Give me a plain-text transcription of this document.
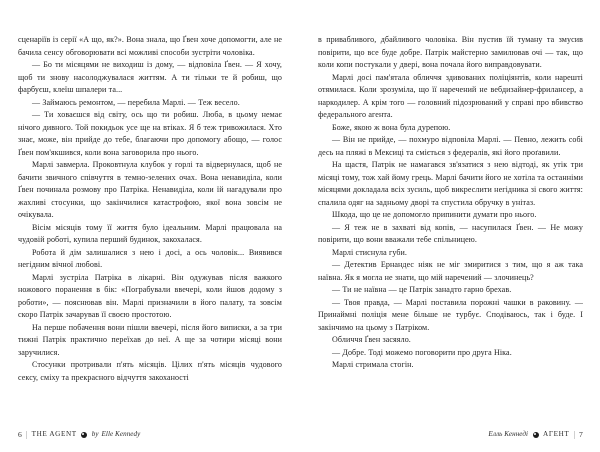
сценаріїв із серії «А що, як?». Вона знала, що Ґвен хоче допомогти, але не бачила сенсу обговорювати всі можливі способи зустріти чоловіка.

— Бо ти місяцями не виходиш із дому, — відповіла Ґвен. — Я хочу, щоб ти знову насолоджувалася життям. А ти тільки те й робиш, що фарбуєш, клеїш шпалери та...

— Займаюсь ремонтом, — перебила Марлі. — Теж весело.

— Ти ховаєшся від світу, ось що ти робиш. Люба, в цьому немає нічого дивного. Той покидьок усе ще на втіках. Я б теж тривожилася. Хто знає, може, він прийде до тебе, благаючи про допомогу абощо, — голос Ґвен пом'якшився, коли вона заговорила про нього.

Марлі завмерла. Проковтнула клубок у горлі та відвернулася, щоб не бачити звичного співчуття в темно-зелених очах. Вона ненавиділа, коли Ґвен починала розмову про Патріка. Ненавиділа, коли їй нагадували про жахливі стосунки, що закінчилися катастрофою, якої вона зовсім не очікувала.

Вісім місяців тому її життя було ідеальним. Марлі працювала на чудовій роботі, купила перший будинок, закохалася.

Робота й дім залишалися з нею і досі, а ось чоловік... Виявився негідним вічної любові.

Марлі зустріла Патріка в лікарні. Він одужував після важкого ножового поранення в бік: «Пограбували ввечері, коли йшов додому з роботи», — пояснював він. Марлі призначили в його палату, та зовсім скоро Патрік зачарував її своєю простотою.

На перше побачення вони пішли ввечері, після його виписки, а за три тижні Патрік практично переїхав до неї. А ще за чотири місяці вони заручилися.

Стосунки протривали п'ять місяців. Цілих п'ять місяців чудового сексу, сміху та прекрасного відчуття закоханості

6 | THE AGENT by Elle Kennedy

в привабливого, дбайливого чоловіка. Він пустив їй туману та змусив повірити, що все буде добре. Патрік майстерно замилював очі — так, що коли копи постукали у двері, вона почала його виправдовувати.

Марлі досі пам'ятала обличчя здивованих поліціянтів, коли нарешті отямилася. Коли зрозуміла, що її наречений не вебдизайнер-фрилансер, а наркодилер. А крім того — головний підозрюваний у справі про вбивство федерального агента.

Боже, якою ж вона була дурепою.

— Він не прийде, — похмуро відповіла Марлі. — Певно, лежить собі десь на пляжі в Мексиці та сміється з федералів, які його проґавили.

На щастя, Патрік не намагався зв'язатися з нею відтоді, як утік три місяці тому, тож хай йому грець. Марлі бачити його не хотіла та останніми місяцями докладала всіх зусиль, щоб викреслити негідника зі свого життя: спалила одяг на задньому дворі та спустила обручку в унітаз.

Шкода, що це не допомогло припинити думати про нього.

— Я теж не в захваті від копів, — насупилася Ґвен. — Не можу повірити, що вони вважали тебе спільницею.

Марлі стиснула губи.

— Детектив Ернандес ніяк не міг змиритися з тим, що я аж така наївна. Як я могла не знати, що мій наречений — злочинець?

— Ти не наївна — це Патрік занадто гарно брехав.

— Твоя правда, — Марлі поставила порожні чашки в раковину. — Принаймні поліція мене більше не турбує. Сподіваюсь, так і буде. І закінчимо на цьому з Патріком.

Обличчя Ґвен засяяло.

— Добре. Тоді можемо поговорити про друга Ніка.

Марлі стримала стогін.

Елль Кеннеді АГЕНТ | 7
